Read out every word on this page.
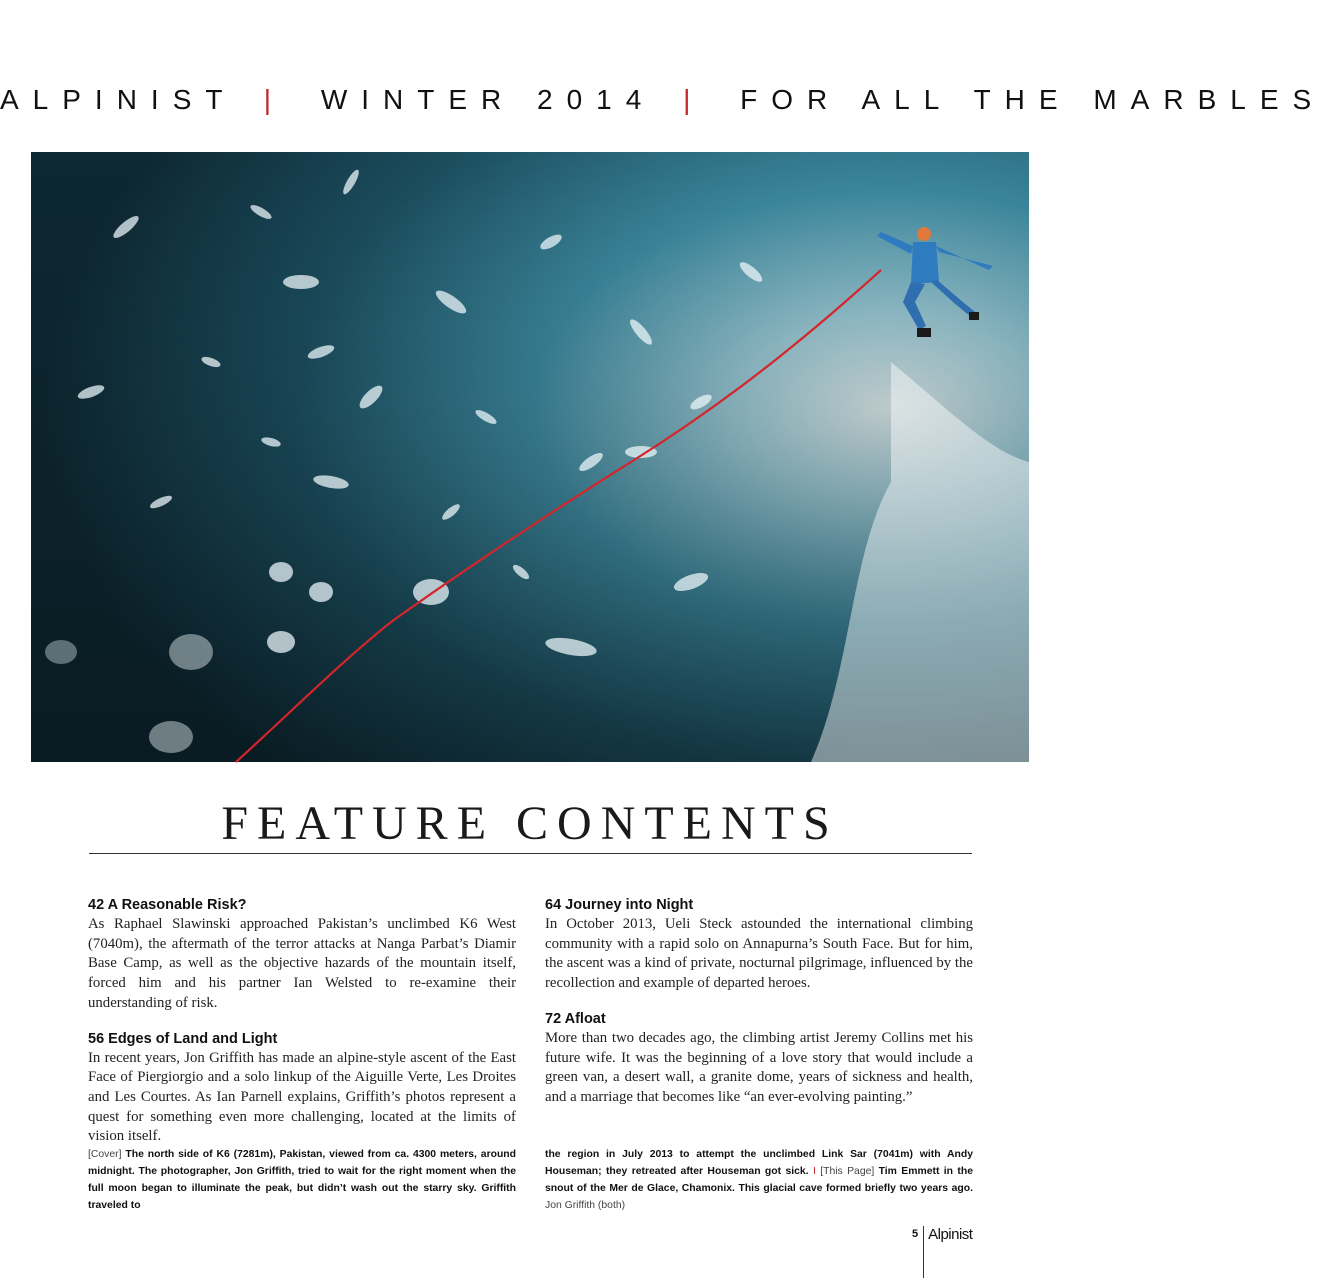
ALPINIST | WINTER 2014 | FOR ALL THE MARBLES
FEATURE CONTENTS
42 A Reasonable Risk?

As Raphael Slawinski approached Pakistan’s unclimbed K6 West (7040m), the aftermath of the terror attacks at Nanga Parbat’s Diamir Base Camp, as well as the objective hazards of the mountain itself, forced him and his partner Ian Welsted to re-examine their understanding of risk.

56 Edges of Land and Light

In recent years, Jon Griffith has made an alpine-style ascent of the East Face of Piergiorgio and a solo linkup of the Aiguille Verte, Les Droites and Les Courtes. As Ian Parnell explains, Griffith’s photos represent a quest for something even more challenging, located at the limits of vision itself.

64 Journey into Night

In October 2013, Ueli Steck astounded the international climbing community with a rapid solo on Annapurna’s South Face. But for him, the ascent was a kind of private, nocturnal pilgrimage, influenced by the recollection and example of departed heroes.

72 Afloat

More than two decades ago, the climbing artist Jeremy Collins met his future wife. It was the beginning of a love story that would include a green van, a desert wall, a granite dome, years of sickness and health, and a marriage that becomes like “an ever-evolving painting.”

[Cover] The north side of K6 (7281m), Pakistan, viewed from ca. 4300 meters, around midnight. The photographer, Jon Griffith, tried to wait for the right moment when the full moon began to illuminate the peak, but didn’t wash out the starry sky. Griffith traveled to
the region in July 2013 to attempt the unclimbed Link Sar (7041m) with Andy Houseman; they retreated after Houseman got sick. I [This Page] Tim Emmett in the snout of the Mer de Glace, Chamonix. This glacial cave formed briefly two years ago. Jon Griffith (both)
5 Alpinist
